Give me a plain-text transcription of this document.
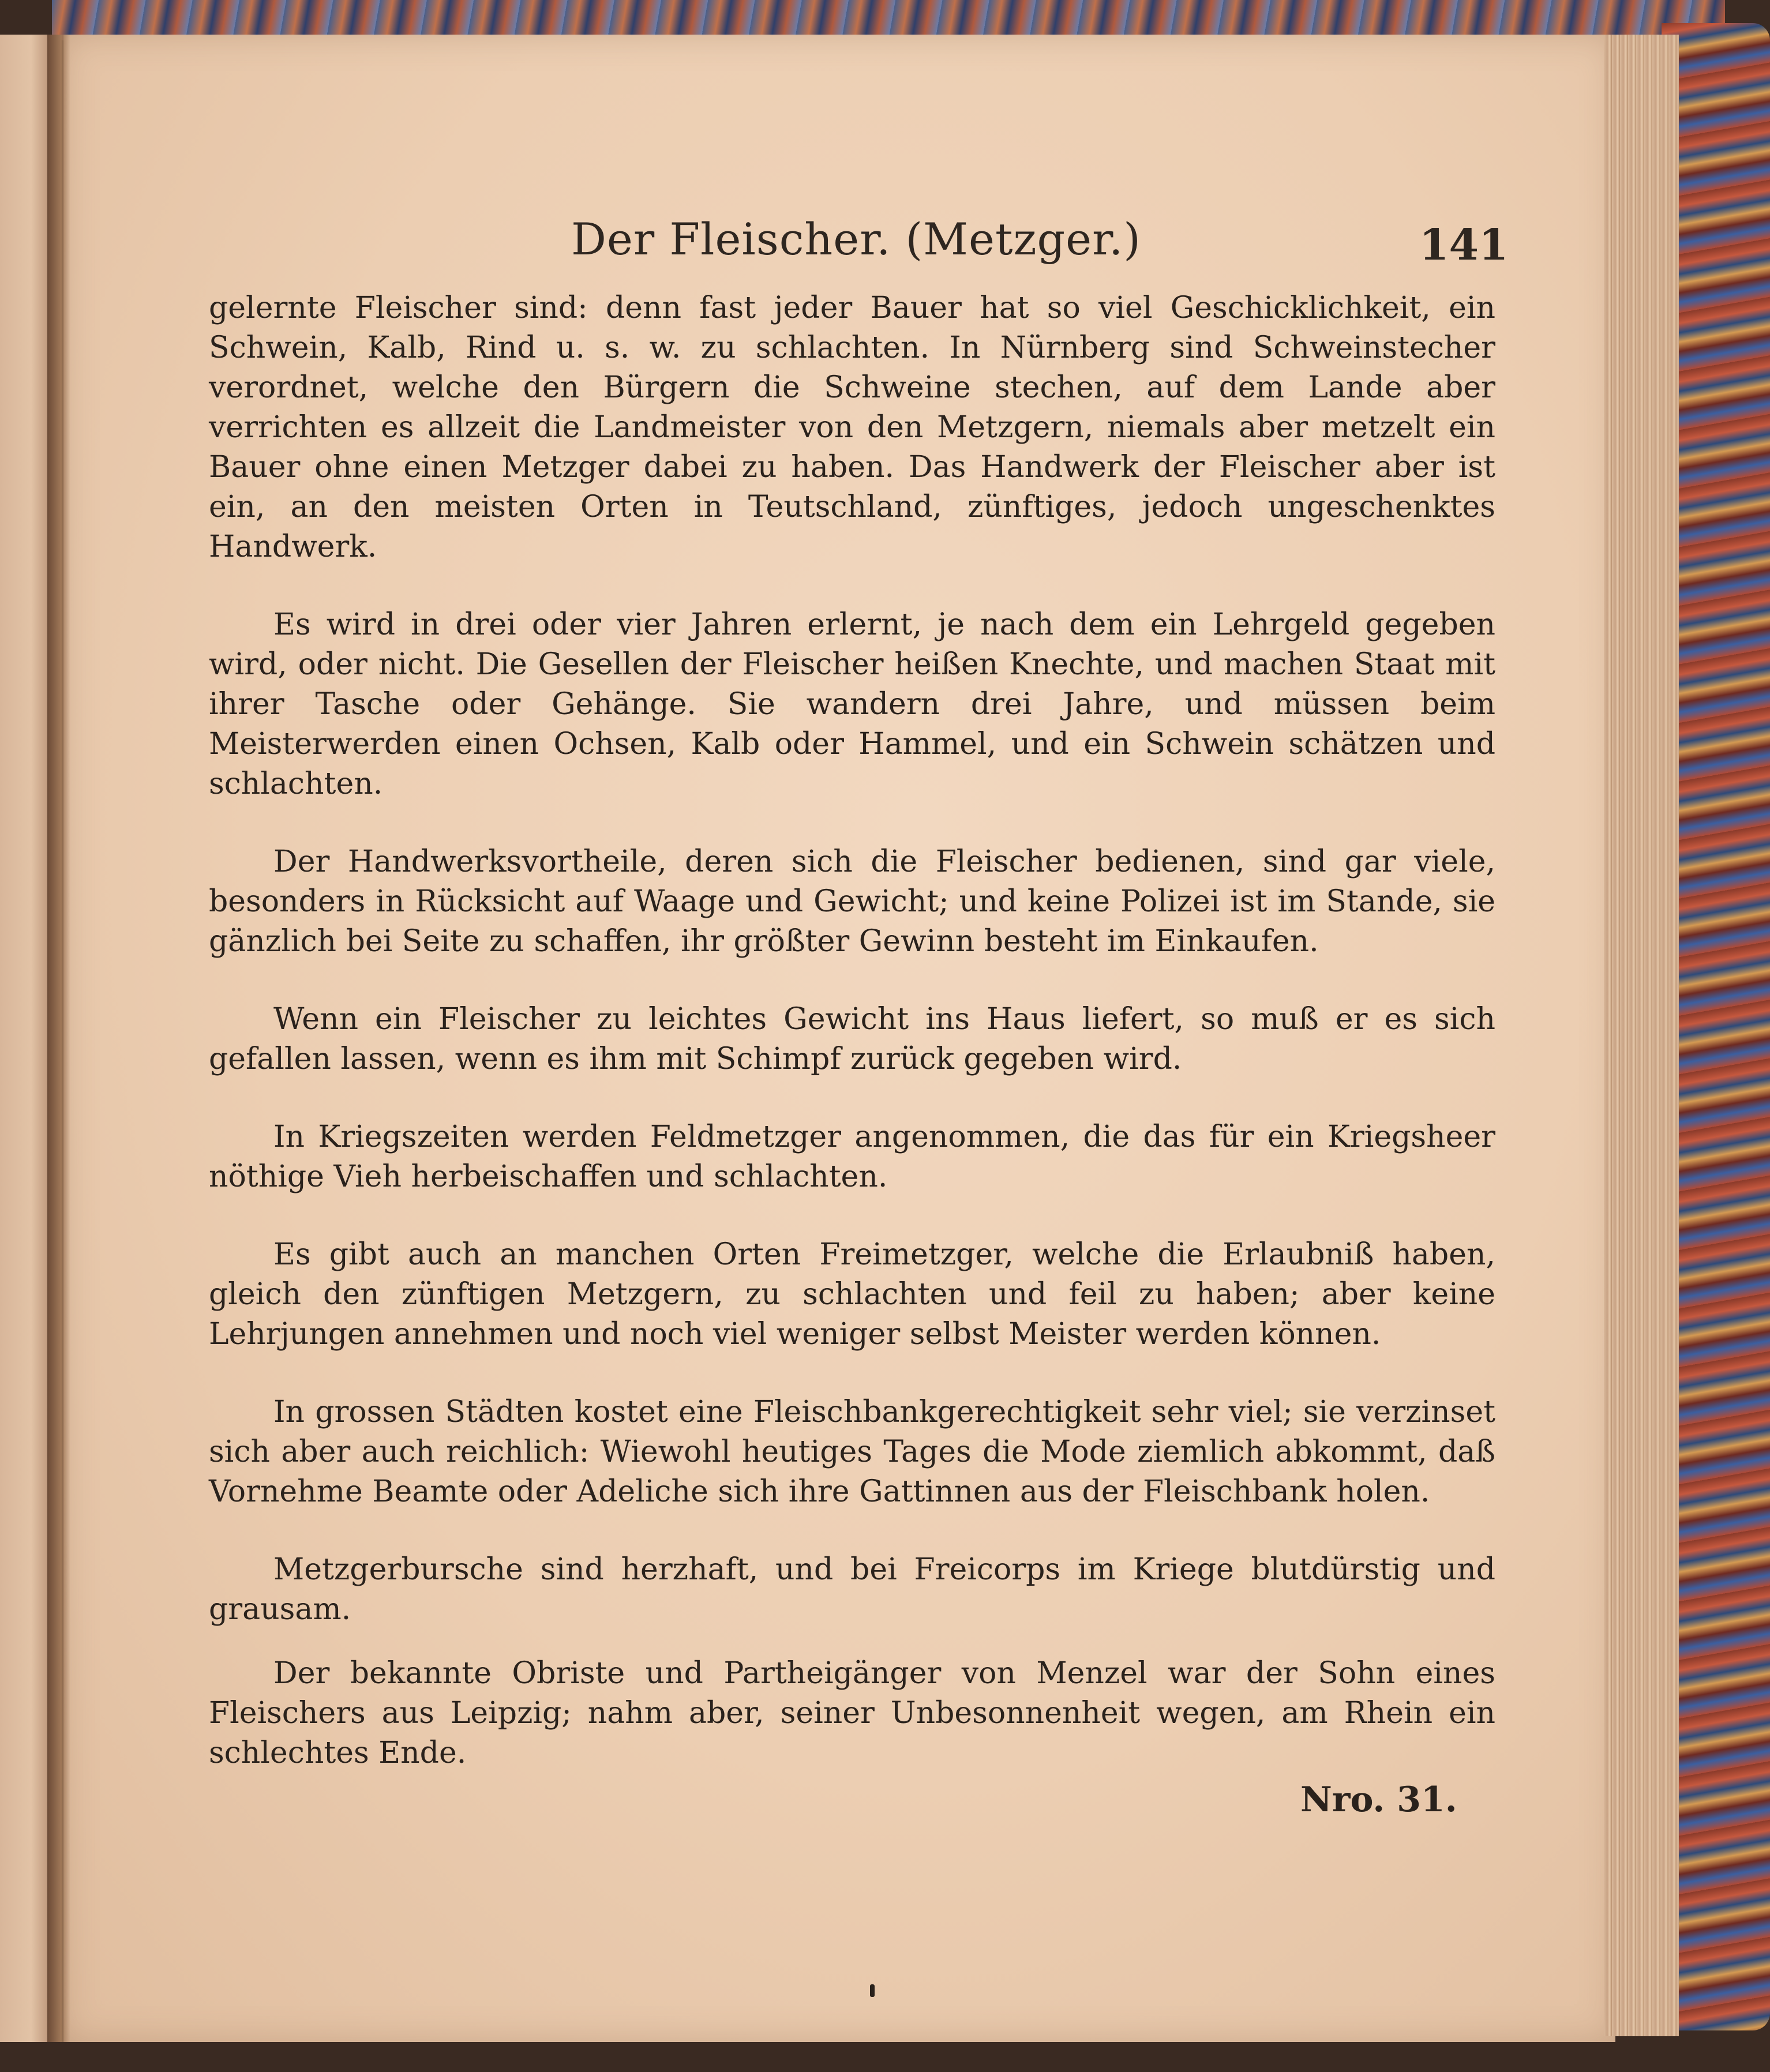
Der Fleischer. (Metzger.)	141

gelernte Fleischer sind: denn fast jeder Bauer hat so viel Geschicklichkeit, ein Schwein, Kalb, Rind u. s. w. zu schlachten. In Nürnberg sind Schweinstecher verordnet, welche den Bürgern die Schweine stechen, auf dem Lande aber verrichten es allzeit die Landmeister von den Metzgern, niemals aber metzelt ein Bauer ohne einen Metzger dabei zu haben. Das Handwerk der Fleischer aber ist ein, an den meisten Orten in Teutschland, zünftiges, jedoch ungeschenktes Handwerk.

Es wird in drei oder vier Jahren erlernt, je nach dem ein Lehrgeld gegeben wird, oder nicht. Die Gesellen der Fleischer heißen Knechte, und machen Staat mit ihrer Tasche oder Gehänge. Sie wandern drei Jahre, und müssen beim Meisterwerden einen Ochsen, Kalb oder Hammel, und ein Schwein schätzen und schlachten.

Der Handwerksvortheile, deren sich die Fleischer bedienen, sind gar viele, besonders in Rücksicht auf Waage und Gewicht; und keine Polizei ist im Stande, sie gänzlich bei Seite zu schaffen, ihr größter Gewinn besteht im Einkaufen.

Wenn ein Fleischer zu leichtes Gewicht ins Haus liefert, so muß er es sich gefallen lassen, wenn es ihm mit Schimpf zurück gegeben wird.

In Kriegszeiten werden Feldmetzger angenommen, die das für ein Kriegsheer nöthige Vieh herbeischaffen und schlachten.

Es gibt auch an manchen Orten Freimetzger, welche die Erlaubniß haben, gleich den zünftigen Metzgern, zu schlachten und feil zu haben; aber keine Lehrjungen annehmen und noch viel weniger selbst Meister werden können.

In grossen Städten kostet eine Fleischbankgerechtigkeit sehr viel; sie verzinset sich aber auch reichlich: Wiewohl heutiges Tages die Mode ziemlich abkommt, daß Vornehme Beamte oder Adeliche sich ihre Gattinnen aus der Fleischbank holen.

Metzgerbursche sind herzhaft, und bei Freicorps im Kriege blutdürstig und grausam.

Der bekannte Obriste und Partheigänger von Menzel war der Sohn eines Fleischers aus Leipzig; nahm aber, seiner Unbesonnenheit wegen, am Rhein ein schlechtes Ende.

Nro. 31.
